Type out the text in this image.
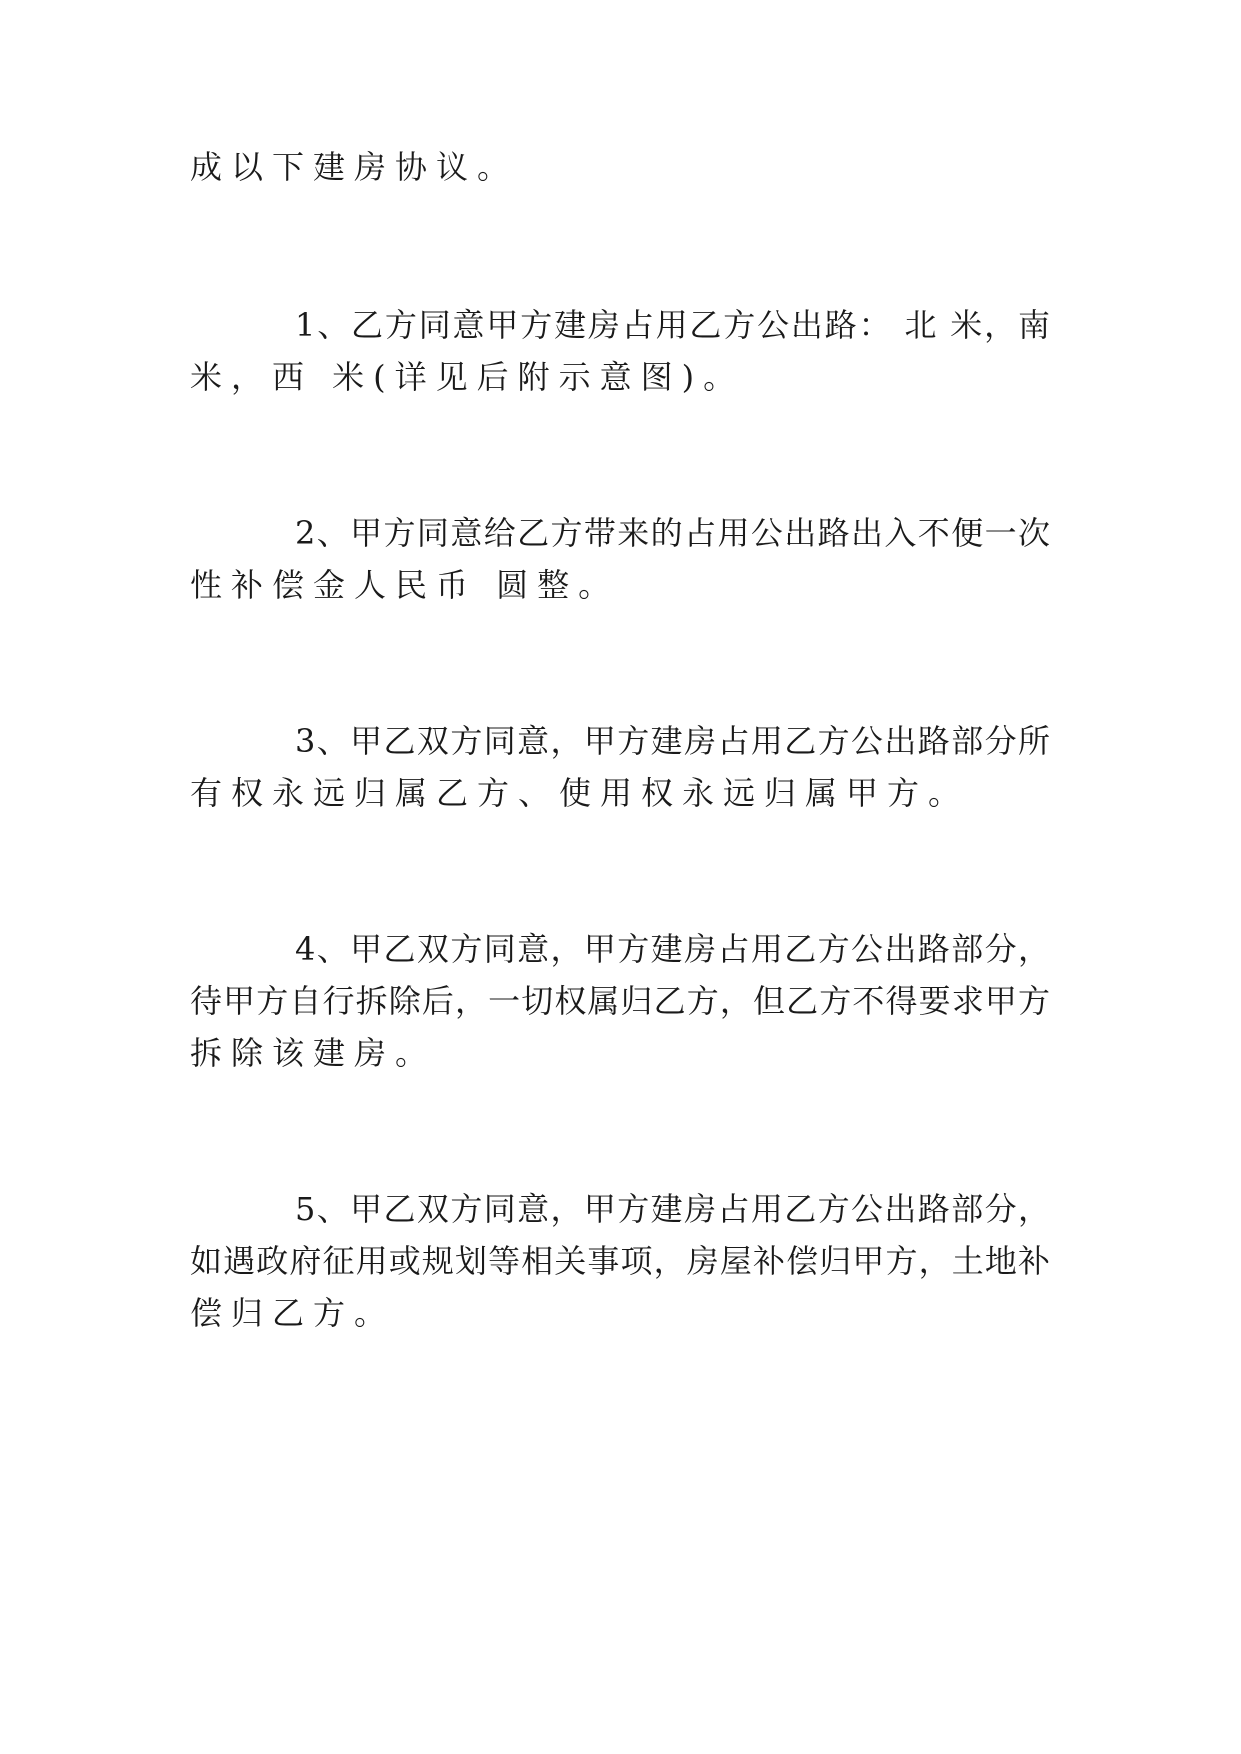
成以下建房协议。
1、乙方同意甲方建房占用乙方公出路： 北 米，南
米，西 米(详见后附示意图)。
2、甲方同意给乙方带来的占用公出路出入不便一次
性补偿金人民币 圆整。
3、甲乙双方同意，甲方建房占用乙方公出路部分所
有权永远归属乙方、使用权永远归属甲方。
4、甲乙双方同意，甲方建房占用乙方公出路部分，
待甲方自行拆除后，一切权属归乙方，但乙方不得要求甲方
拆除该建房。
5、甲乙双方同意，甲方建房占用乙方公出路部分，
如遇政府征用或规划等相关事项，房屋补偿归甲方，土地补
偿归乙方。
